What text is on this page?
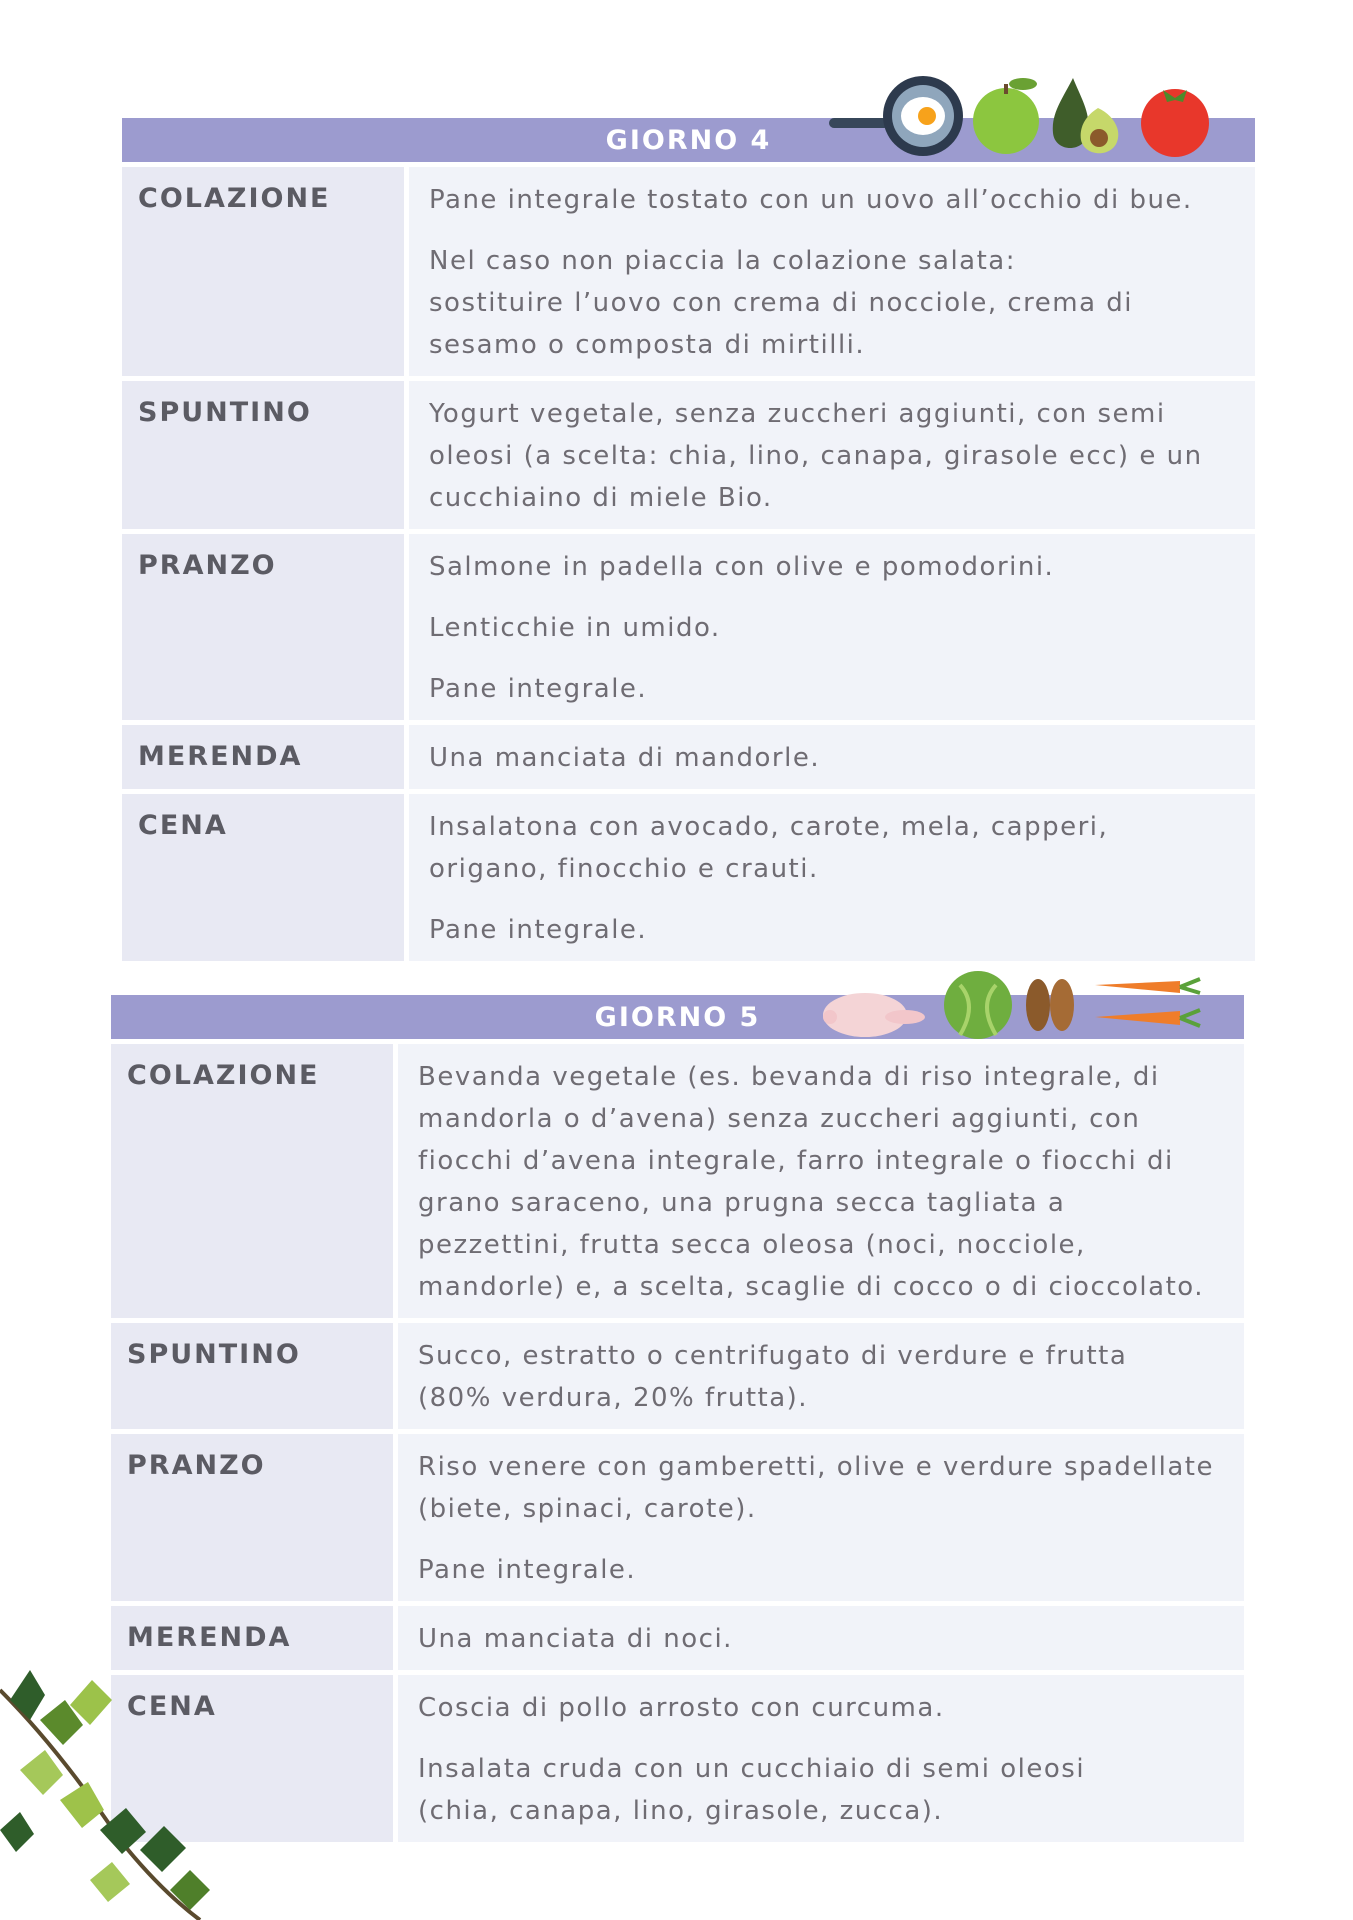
GIORNO 4
COLAZIONE	Pane integrale tostato con un uovo all’occhio di bue.

Nel caso non piaccia la colazione salata:
sostituire l’uovo con crema di nocciole, crema di sesamo o composta di mirtilli.

SPUNTINO	Yogurt vegetale, senza zuccheri aggiunti, con semi oleosi (a scelta: chia, lino, canapa, girasole ecc) e un cucchiaino di miele Bio.

PRANZO	Salmone in padella con olive e pomodorini.

Lenticchie in umido.

Pane integrale.

MERENDA	Una manciata di mandorle.

CENA	Insalatona con avocado, carote, mela, capperi, origano, finocchio e crauti.

Pane integrale.

GIORNO 5
COLAZIONE	Bevanda vegetale (es. bevanda di riso integrale, di mandorla o d’avena) senza zuccheri aggiunti, con fiocchi d’avena integrale, farro integrale o fiocchi di grano saraceno, una prugna secca tagliata a pezzettini, frutta secca oleosa (noci, nocciole, mandorle) e, a scelta, scaglie di cocco o di cioccolato.

SPUNTINO	Succo, estratto o centrifugato di verdure e frutta
(80% verdura, 20% frutta).

PRANZO	Riso venere con gamberetti, olive e verdure spadellate (biete, spinaci, carote).

Pane integrale.

MERENDA	Una manciata di noci.

CENA	Coscia di pollo arrosto con curcuma.

Insalata cruda con un cucchiaio di semi oleosi
(chia, canapa, lino, girasole, zucca).
